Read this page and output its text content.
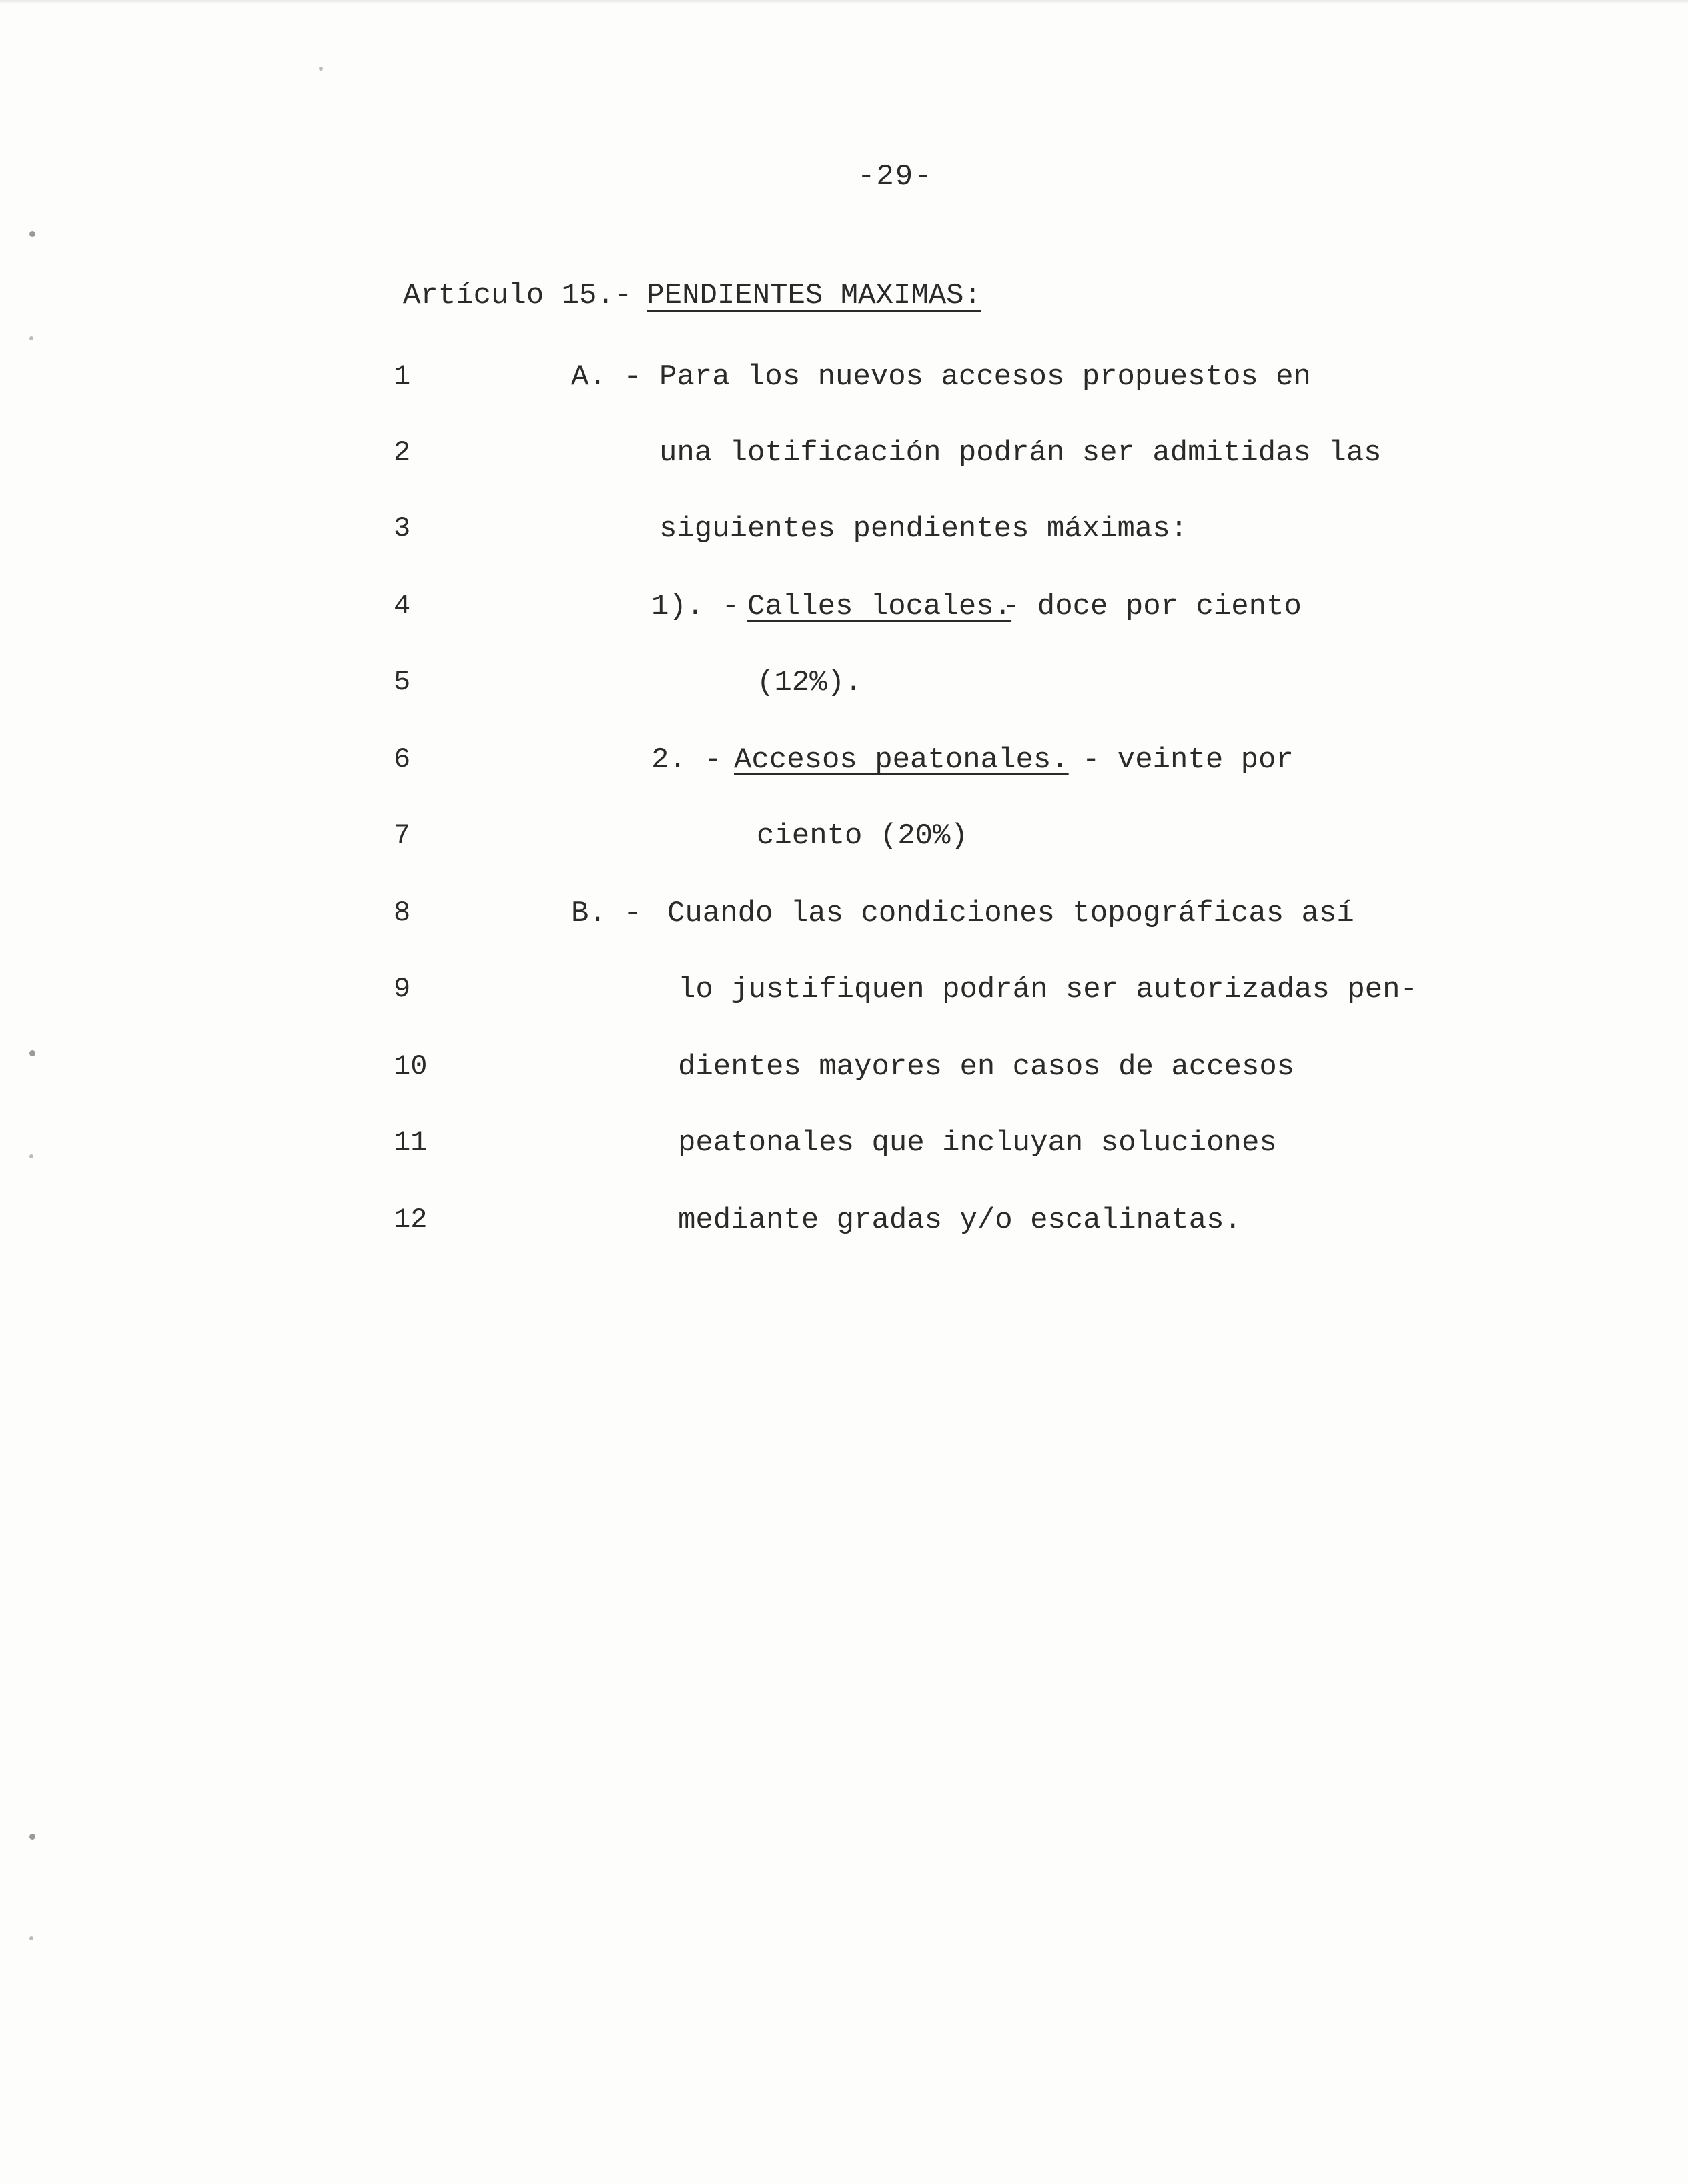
-29-
Artículo 15.- PENDIENTES MAXIMAS:
1	A. - Para los nuevos accesos propuestos en
2	una lotificación podrán ser admitidas las
3	siguientes pendientes máximas:
4	1). - Calles locales.
- doce por ciento
5	(12%).
6	2. - Accesos peatonales. - veinte por
7	ciento (20%)
8	B. - Cuando las condiciones topográficas así
9	lo justifiquen podrán ser autorizadas pen-
10	dientes mayores en casos de accesos
11	peatonales que incluyan soluciones
12	mediante gradas y/o escalinatas.
